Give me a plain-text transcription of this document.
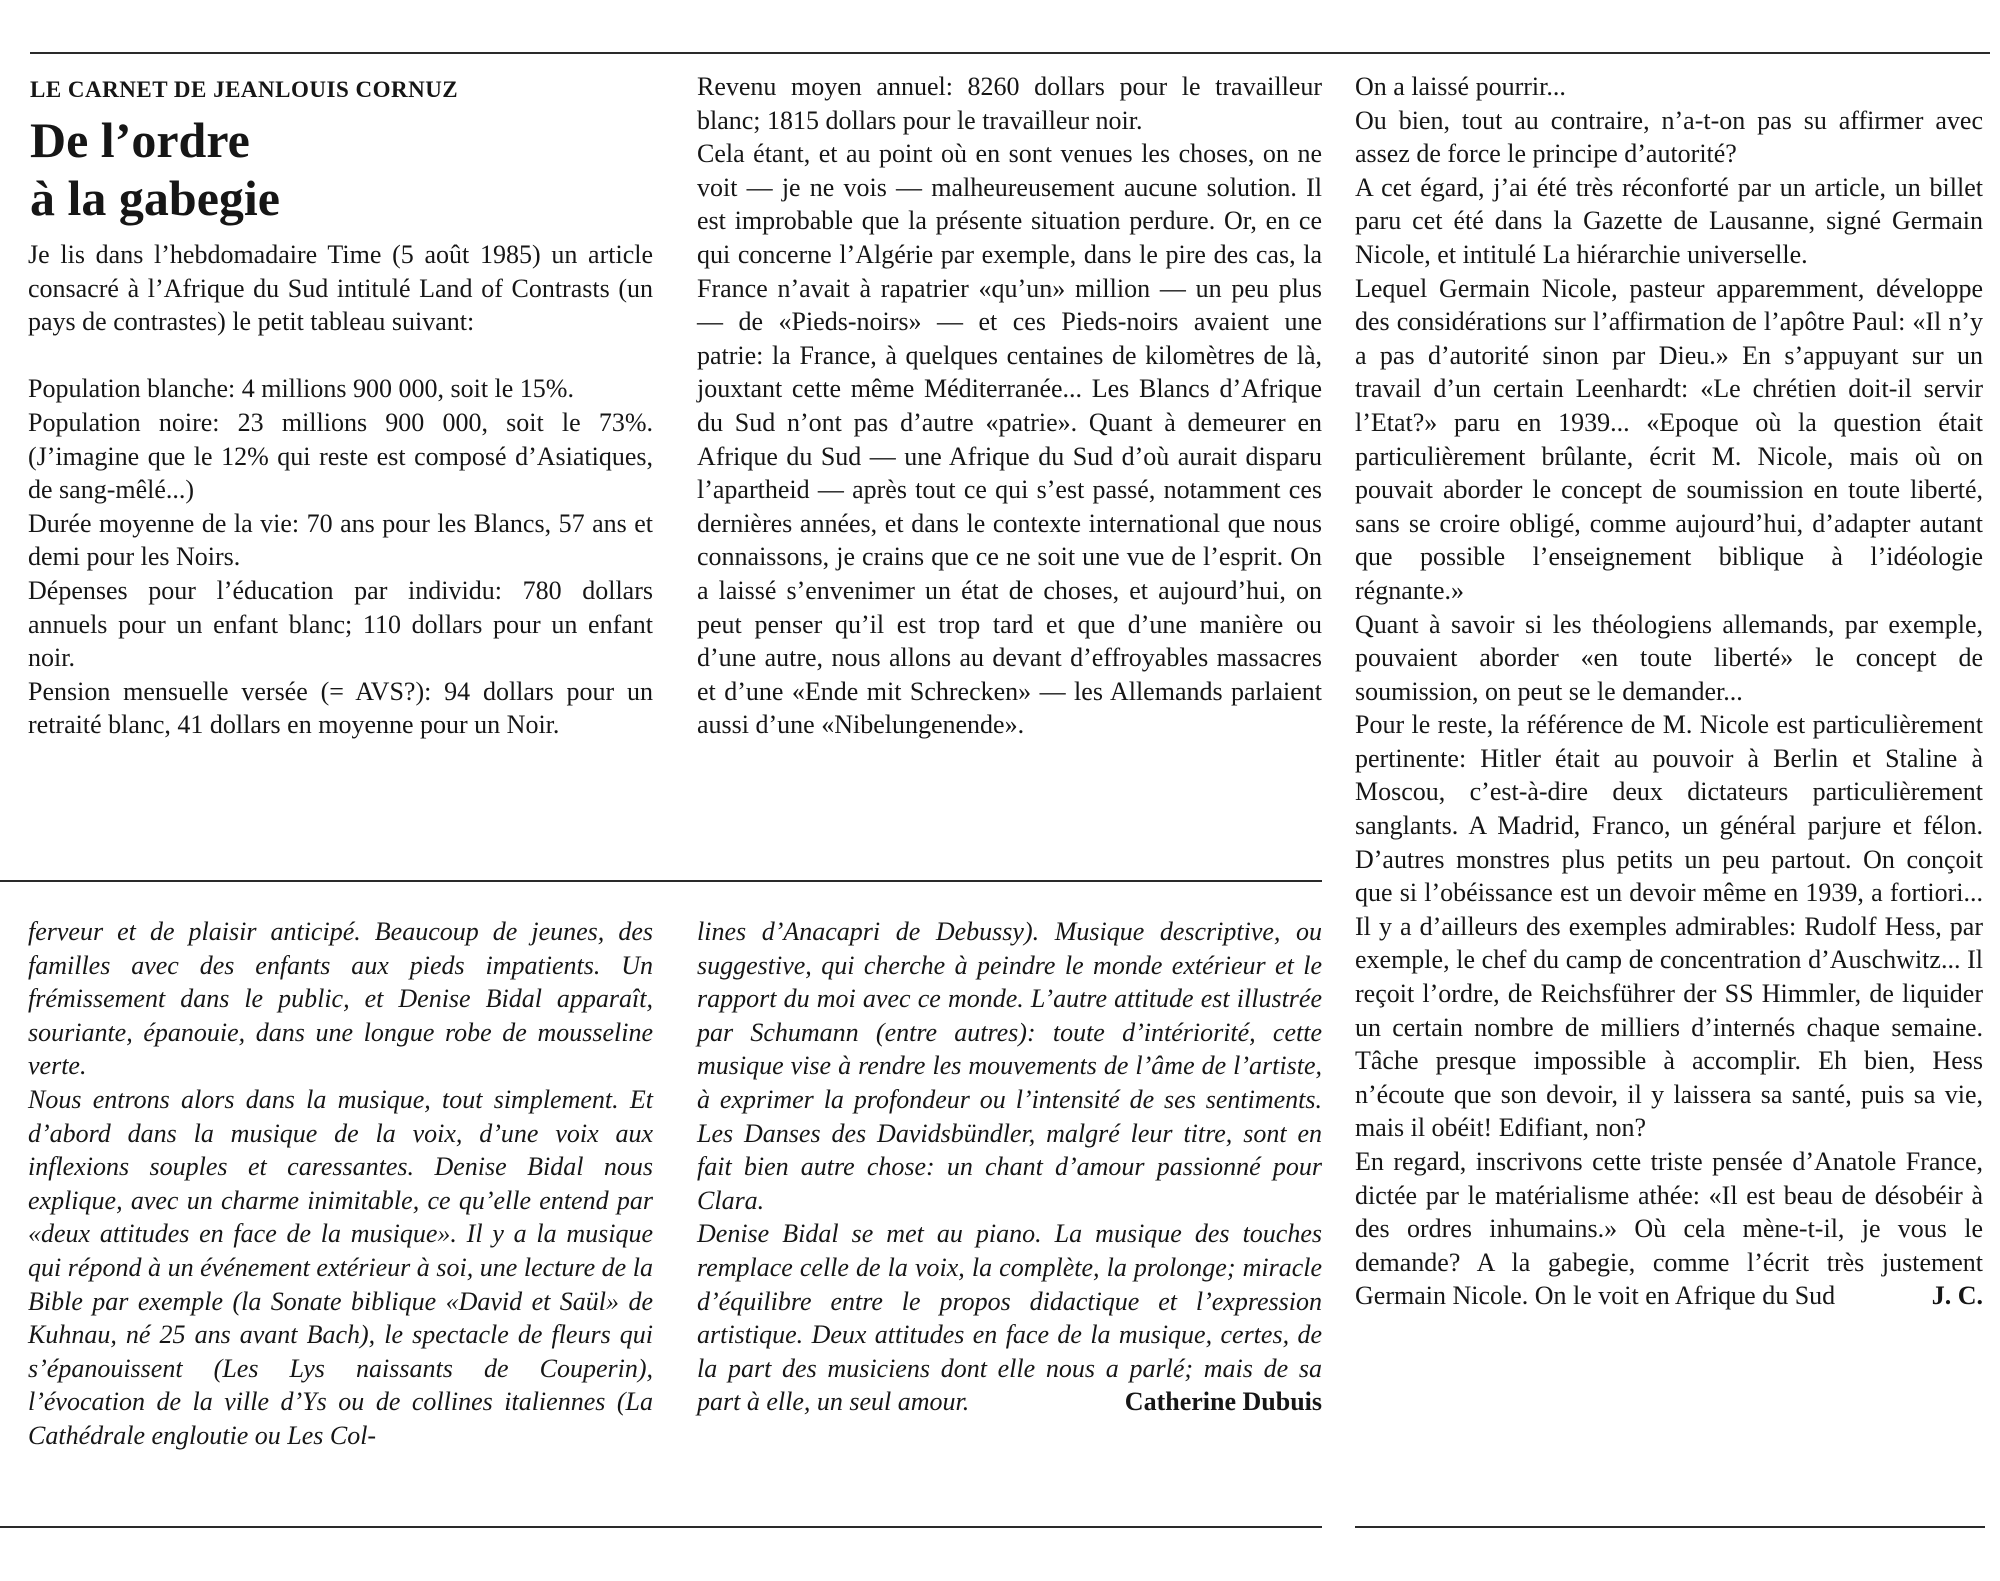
LE CARNET DE JEANLOUIS CORNUZ
De l’ordre
à la gabegie

Je lis dans l’hebdomadaire Time (5 août 1985) un article consacré à l’Afrique du Sud intitulé Land of Contrasts (un pays de contrastes) le petit tableau suivant:

Population blanche: 4 millions 900 000, soit le 15%.

Population noire: 23 millions 900 000, soit le 73%. (J’imagine que le 12% qui reste est composé d’Asiatiques, de sang-mêlé...)

Durée moyenne de la vie: 70 ans pour les Blancs, 57 ans et demi pour les Noirs.

Dépenses pour l’éducation par individu: 780 dollars annuels pour un enfant blanc; 110 dollars pour un enfant noir.

Pension mensuelle versée (= AVS?): 94 dollars pour un retraité blanc, 41 dollars en moyenne pour un Noir.

Revenu moyen annuel: 8260 dollars pour le travailleur blanc; 1815 dollars pour le travailleur noir.

Cela étant, et au point où en sont venues les choses, on ne voit — je ne vois — malheureusement aucune solution. Il est improbable que la présente situation perdure. Or, en ce qui concerne l’Algérie par exemple, dans le pire des cas, la France n’avait à rapatrier «qu’un» million — un peu plus — de «Pieds-noirs» — et ces Pieds-noirs avaient une patrie: la France, à quelques centaines de kilomètres de là, jouxtant cette même Méditerranée... Les Blancs d’Afrique du Sud n’ont pas d’autre «patrie». Quant à demeurer en Afrique du Sud — une Afrique du Sud d’où aurait disparu l’apartheid — après tout ce qui s’est passé, notamment ces dernières années, et dans le contexte international que nous connaissons, je crains que ce ne soit une vue de l’esprit. On a laissé s’envenimer un état de choses, et aujourd’hui, on peut penser qu’il est trop tard et que d’une manière ou d’une autre, nous allons au devant d’effroyables massacres et d’une «Ende mit Schrecken» — les Allemands parlaient aussi d’une «Nibelungenende».

On a laissé pourrir...

Ou bien, tout au contraire, n’a-t-on pas su affirmer avec assez de force le principe d’autorité?

A cet égard, j’ai été très réconforté par un article, un billet paru cet été dans la Gazette de Lausanne, signé Germain Nicole, et intitulé La hiérarchie universelle.

Lequel Germain Nicole, pasteur apparemment, développe des considérations sur l’affirmation de l’apôtre Paul: «Il n’y a pas d’autorité sinon par Dieu.» En s’appuyant sur un travail d’un certain Leenhardt: «Le chrétien doit-il servir l’Etat?» paru en 1939... «Epoque où la question était particulièrement brûlante, écrit M. Nicole, mais où on pouvait aborder le concept de soumission en toute liberté, sans se croire obligé, comme aujourd’hui, d’adapter autant que possible l’enseignement biblique à l’idéologie régnante.»

Quant à savoir si les théologiens allemands, par exemple, pouvaient aborder «en toute liberté» le concept de soumission, on peut se le demander...

Pour le reste, la référence de M. Nicole est particulièrement pertinente: Hitler était au pouvoir à Berlin et Staline à Moscou, c’est-à-dire deux dictateurs particulièrement sanglants. A Madrid, Franco, un général parjure et félon. D’autres monstres plus petits un peu partout. On conçoit que si l’obéissance est un devoir même en 1939, a fortiori... Il y a d’ailleurs des exemples admirables: Rudolf Hess, par exemple, le chef du camp de concentration d’Auschwitz... Il reçoit l’ordre, de Reichsführer der SS Himmler, de liquider un certain nombre de milliers d’internés chaque semaine. Tâche presque impossible à accomplir. Eh bien, Hess n’écoute que son devoir, il y laissera sa santé, puis sa vie, mais il obéit! Edifiant, non?

En regard, inscrivons cette triste pensée d’Anatole France, dictée par le matérialisme athée: «Il est beau de désobéir à des ordres inhumains.» Où cela mène-t-il, je vous le demande? A la gabegie, comme l’écrit très justement Germain Nicole. On le voit en Afrique du Sud	J. C.

ferveur et de plaisir anticipé. Beaucoup de jeunes, des familles avec des enfants aux pieds impatients. Un frémissement dans le public, et Denise Bidal apparaît, souriante, épanouie, dans une longue robe de mousseline verte.

Nous entrons alors dans la musique, tout simplement. Et d’abord dans la musique de la voix, d’une voix aux inflexions souples et caressantes. Denise Bidal nous explique, avec un charme inimitable, ce qu’elle entend par «deux attitudes en face de la musique». Il y a la musique qui répond à un événement extérieur à soi, une lecture de la Bible par exemple (la Sonate biblique «David et Saül» de Kuhnau, né 25 ans avant Bach), le spectacle de fleurs qui s’épanouissent (Les Lys naissants de Couperin), l’évocation de la ville d’Ys ou de collines italiennes (La Cathédrale engloutie ou Les Col-

lines d’Anacapri de Debussy). Musique descriptive, ou suggestive, qui cherche à peindre le monde extérieur et le rapport du moi avec ce monde. L’autre attitude est illustrée par Schumann (entre autres): toute d’intériorité, cette musique vise à rendre les mouvements de l’âme de l’artiste, à exprimer la profondeur ou l’intensité de ses sentiments. Les Danses des Davidsbündler, malgré leur titre, sont en fait bien autre chose: un chant d’amour passionné pour Clara.

Denise Bidal se met au piano. La musique des touches remplace celle de la voix, la complète, la prolonge; miracle d’équilibre entre le propos didactique et l’expression artistique. Deux attitudes en face de la musique, certes, de la part des musiciens dont elle nous a parlé; mais de sa part à elle, un seul amour.	Catherine Dubuis
